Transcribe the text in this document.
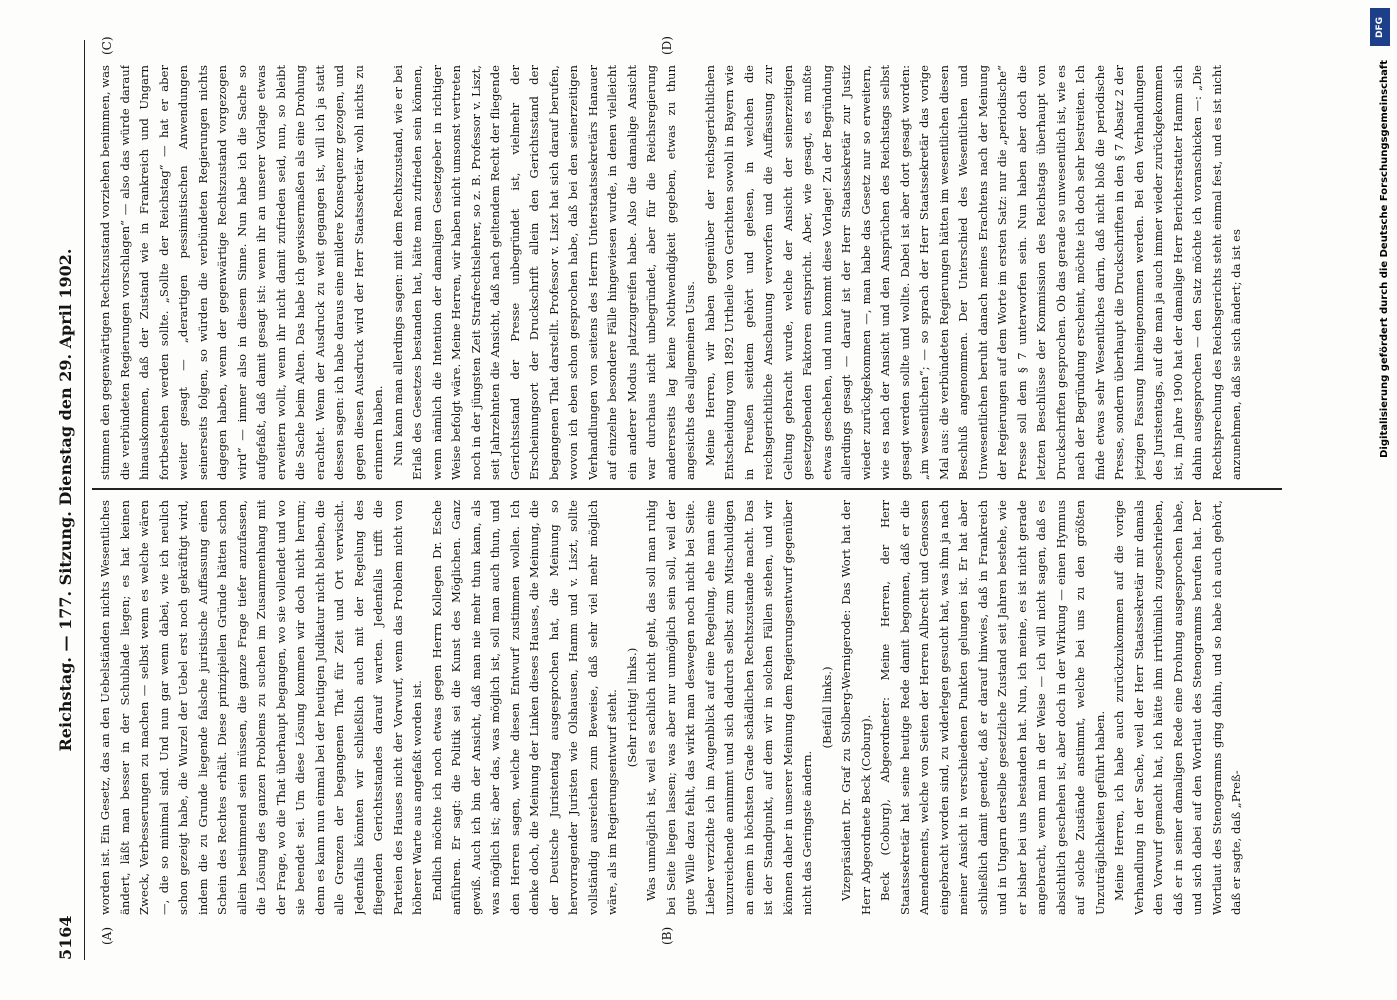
5164
Reichstag. — 177. Sitzung. Dienstag den 29. April 1902.
(A)	(B)
(C)	(D)

worden ist. Ein Gesetz, das an den Uebelständen nichts Wesentliches ändert, läßt man besser in der Schublade liegen; es hat keinen Zweck, Verbesserungen zu machen — selbst wenn es welche wären —, die so minimal sind. Und nun gar wenn dabei, wie ich neulich schon gezeigt habe, die Wurzel der Uebel erst noch gekräftigt wird, indem die zu Grunde liegende falsche juristische Auffassung einen Schein des Rechtes erhält. Diese prinzipiellen Gründe hätten schon allein bestimmend sein müssen, die ganze Frage tiefer anzufassen, die Lösung des ganzen Problems zu suchen im Zusammenhang mit der Frage, wo die That überhaupt begangen, wo sie vollendet und wo sie beendet sei. Um diese Lösung kommen wir doch nicht herum; denn es kann nun einmal bei der heutigen Judikatur nicht bleiben, die alle Grenzen der begangenen That für Zeit und Ort verwischt. Jedenfalls könnten wir schließlich auch mit der Regelung des fliegenden Gerichtsstandes darauf warten. Jedenfalls trifft die Parteien des Hauses nicht der Vorwurf, wenn das Problem nicht von höherer Warte aus angefaßt worden ist. Endlich möchte ich noch etwas gegen Herrn Kollegen Dr. Esche anführen. Er sagt: die Politik sei die Kunst des Möglichen. Ganz gewiß. Auch ich bin der Ansicht, daß man nie mehr thun kann, als was möglich ist; aber das, was möglich ist, soll man auch thun, und den Herren sagen, welche diesen Entwurf zustimmen wollen. Ich denke doch, die Meinung der Linken dieses Hauses, die Meinung, die der Deutsche Juristentag ausgesprochen hat, die Meinung so hervorragender Juristen wie Olshausen, Hamm und v. Liszt, sollte vollständig ausreichen zum Beweise, daß sehr viel mehr möglich wäre, als im Regierungsentwurf steht. (Sehr richtig! links.) Was unmöglich ist, weil es sachlich nicht geht, das soll man ruhig bei Seite liegen lassen; was aber nur unmöglich sein soll, weil der gute Wille dazu fehlt, das wirkt man deswegen noch nicht bei Seite. Lieber verzichte ich im Augenblick auf eine Regelung, ehe man eine unzureichende annimmt und sich dadurch selbst zum Mitschuldigen an einem in höchsten Grade schädlichen Rechtszustande macht. Das ist der Standpunkt, auf dem wir in solchen Fällen stehen, und wir können daher in unserer Meinung dem Regierungsentwurf gegenüber nicht das Geringste ändern.

(Beifall links.) Vizepräsident Dr. Graf zu Stolberg-Wernigerode: Das Wort hat der Herr Abgeordnete Beck (Coburg). Beck (Coburg), Abgeordneter: Meine Herren, der Herr Staatssekretär hat seine heutige Rede damit begonnen, daß er die Amendements, welche von Seiten der Herren Albrecht und Genossen eingebracht worden sind, zu widerlegen gesucht hat, was ihm ja nach meiner Ansicht in verschiedenen Punkten gelungen ist. Er hat aber schließlich damit geendet, daß er darauf hinwies, daß in Frankreich und in Ungarn derselbe gesetzliche Zustand seit Jahren bestehe, wie er bisher bei uns bestanden hat. Nun, ich meine, es ist nicht gerade angebracht, wenn man in der Weise — ich will nicht sagen, daß es absichtlich geschehen ist, aber doch in der Wirkung — einen Hymnus auf solche Zustände anstimmt, welche bei uns zu den größten Unzuträglichkeiten geführt haben. Meine Herren, ich habe auch zurückzukommen auf die vorige Verhandlung in der Sache, weil der Herr Staatssekretär mir damals den Vorwurf gemacht hat, ich hätte ihm irrthümlich zugeschrieben, daß er in seiner damaligen Rede eine Drohung ausgesprochen habe, und sich dabei auf den Wortlaut des Stenogramms berufen hat. Der Wortlaut des Stenogramms ging dahin, und so habe ich auch gehört, daß er sagte, daß „Preß-

stimmen den gegenwärtigen Rechtszustand vorziehen benimmen, was die verbündeten Regierungen vorschlagen“ — also das würde darauf hinauskommen, daß der Zustand wie in Frankreich und Ungarn fortbestehen werden sollte. „Sollte der Reichstag“ — hat er aber weiter gesagt — „derartigen pessimistischen Anwendungen seinerseits folgen, so würden die verbündeten Regierungen nichts dagegen haben, wenn der gegenwärtige Rechtszustand vorgezogen wird“ — immer also in diesem Sinne. Nun habe ich die Sache so aufgefaßt, daß damit gesagt ist: wenn ihr an unserer Vorlage etwas erweitern wollt, wenn ihr nicht damit zufrieden seid, nun, so bleibt die Sache beim Alten. Das habe ich gewissermaßen als eine Drohung erachtet. Wenn der Ausdruck zu weit gegangen ist, will ich ja statt dessen sagen: ich habe daraus eine mildere Konsequenz gezogen, und gegen diesen Ausdruck wird der Herr Staatssekretär wohl nichts zu erinnern haben. Nun kann man allerdings sagen: mit dem Rechtszustand, wie er bei Erlaß des Gesetzes bestanden hat, hätte man zufrieden sein können, wenn nämlich die Intention der damaligen Gesetzgeber in richtiger Weise befolgt wäre. Meine Herren, wir haben nicht umsonst vertreten noch in der jüngsten Zeit Strafrechtslehrer, so z. B. Professor v. Liszt, seit Jahrzehnten die Ansicht, daß nach geltendem Recht der fliegende Gerichtsstand der Presse unbegründet ist, vielmehr der Erscheinungsort der Druckschrift allein den Gerichtsstand der begangenen That darstellt. Professor v. Liszt hat sich darauf berufen, wovon ich eben schon gesprochen habe, daß bei den seinerzeitigen Verhandlungen von seitens des Herrn Unterstaatssekretärs Hanauer auf einzelne besondere Fälle hingewiesen wurde, in denen vielleicht ein anderer Modus platzzugreifen habe. Also die damalige Ansicht war durchaus nicht unbegründet, aber für die Reichsregierung andererseits lag keine Nothwendigkeit gegeben, etwas zu thun angesichts des allgemeinen Usus. Meine Herren, wir haben gegenüber der reichsgerichtlichen Entscheidung vom 1892 Urtheile von Gerichten sowohl in Bayern wie in Preußen seitdem gehört und gelesen, in welchen die reichsgerichtliche Anschauung verworfen und die Auffassung zur Geltung gebracht wurde, welche der Ansicht der seinerzeitigen gesetzgebenden Faktoren entspricht. Aber, wie gesagt, es mußte etwas geschehen, und nun kommt diese Vorlage! Zu der Begründung allerdings gesagt — darauf ist der Herr Staatssekretär zur Justiz wieder zurückgekommen —, man habe das Gesetz nur so erweitern, wie es nach der Ansicht und den Ansprüchen des Reichstags selbst gesagt werden sollte und wollte. Dabei ist aber dort gesagt worden: „im wesentlichen“; — so sprach der Herr Staatssekretär das vorige Mal aus: die verbündeten Regierungen hätten im wesentlichen diesen Beschluß angenommen. Der Unterschied des Wesentlichen und Unwesentlichen beruht danach meines Erachtens nach der Meinung der Regierungen auf dem Worte im ersten Satz: nur die „periodische“ Presse soll dem § 7 unterworfen sein. Nun haben aber doch die letzten Beschlüsse der Kommission des Reichstags überhaupt von Druckschriften gesprochen. Ob das gerade so unwesentlich ist, wie es nach der Begründung erscheint, möchte ich doch sehr bestreiten. Ich finde etwas sehr Wesentliches darin, daß nicht bloß die periodische Presse, sondern überhaupt die Druckschriften in den § 7 Absatz 2 der jetzigen Fassung hineingenommen werden. Bei den Verhandlungen des Juristentags, auf die man ja auch immer wieder zurückgekommen ist, im Jahre 1900 hat der damalige Herr Berichterstatter Hamm sich dahin ausgesprochen — den Satz möchte ich voranschicken —: „Die Rechtsprechung des Reichsgerichts steht einmal fest, und es ist nicht anzunehmen, daß sie sich ändert; da ist es	Digitalisierung gefördert durch die Deutsche Forschungsgemeinschaft
DFG
